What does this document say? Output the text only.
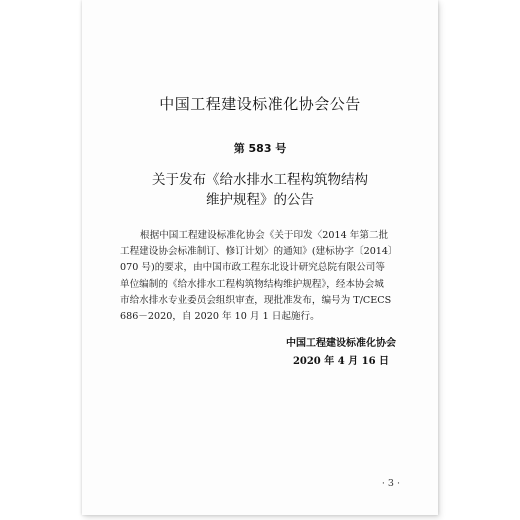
中国工程建设标准化协会公告
第 583 号
关于发布《给水排水工程构筑物结构
维护规程》的公告
根据中国工程建设标准化协会《关于印发〈2014 年第二批
工程建设协会标准制订、修订计划〉的通知》(建标协字〔2014〕
070 号)的要求，由中国市政工程东北设计研究总院有限公司等
单位编制的《给水排水工程构筑物结构维护规程》，经本协会城
市给水排水专业委员会组织审查，现批准发布，编号为 T/CECS
686－2020，自 2020 年 10 月 1 日起施行。
中国工程建设标准化协会
2020 年 4 月 16 日
· 3 ·
